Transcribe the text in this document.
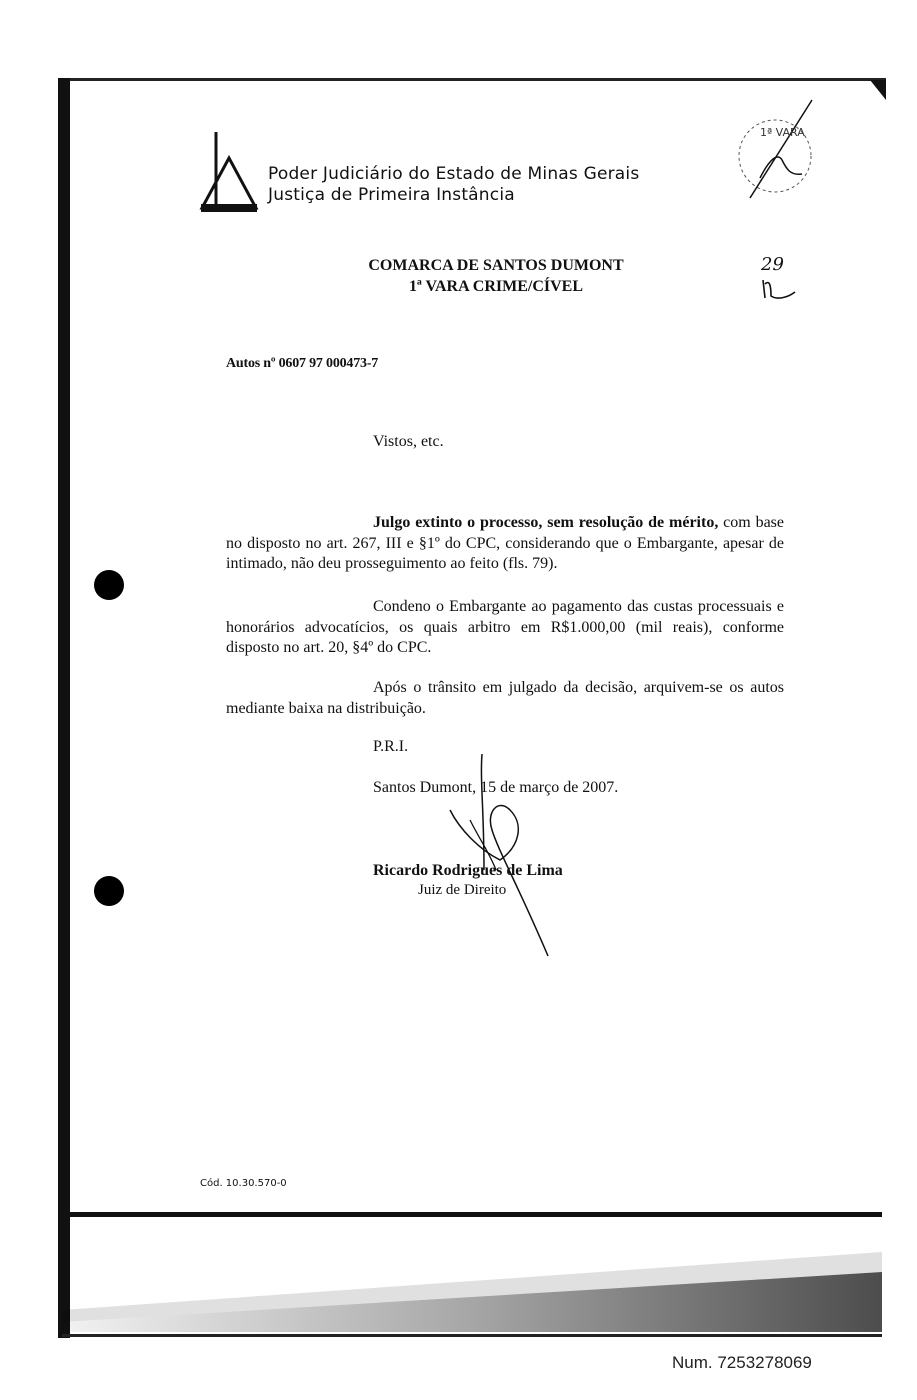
Poder Judiciário do Estado de Minas Gerais
Justiça de Primeira Instância
1ª VARA
29
COMARCA DE SANTOS DUMONT
1ª VARA CRIME/CÍVEL
Autos nº 0607 97 000473-7
Vistos, etc.
Julgo extinto o processo, sem resolução de mérito, com base no disposto no art. 267, III e §1º do CPC, considerando que o Embargante, apesar de intimado, não deu prosseguimento ao feito (fls. 79).
Condeno o Embargante ao pagamento das custas processuais e honorários advocatícios, os quais arbitro em R$1.000,00 (mil reais), conforme disposto no art. 20, §4º do CPC.
Após o trânsito em julgado da decisão, arquivem-se os autos mediante baixa na distribuição.
P.R.I.
Santos Dumont, 15 de março de 2007.
Ricardo Rodrigues de Lima
Juiz de Direito
Cód. 10.30.570-0
Num. 7253278069
